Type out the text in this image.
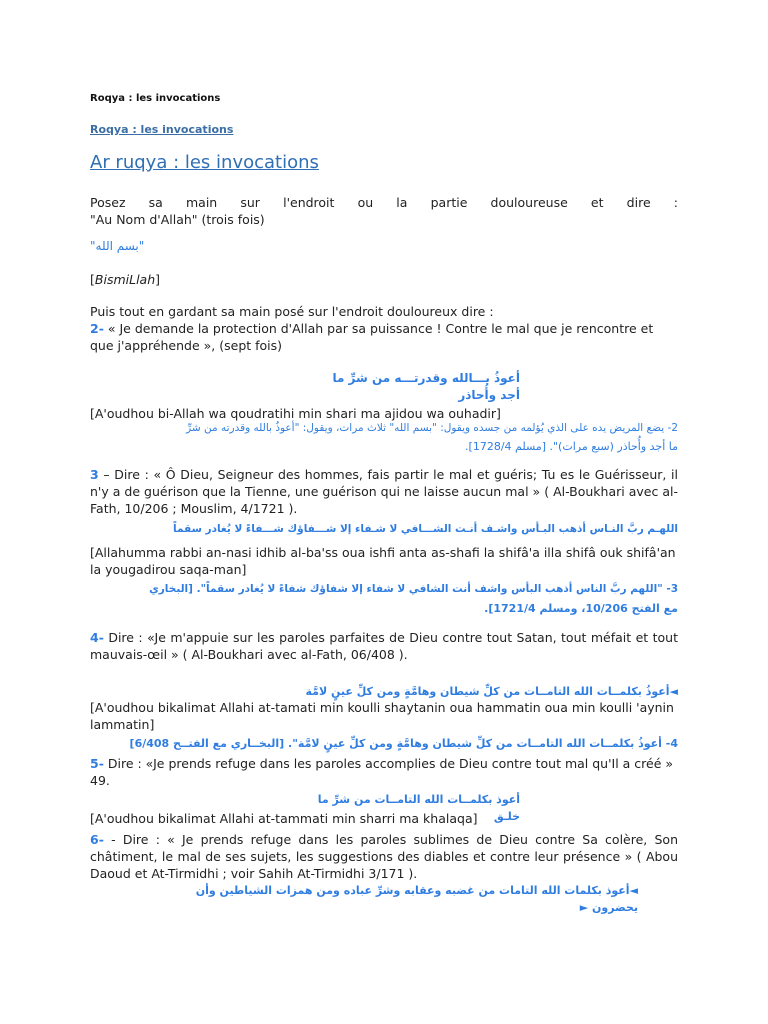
Roqya : les invocations
Roqya : les invocations
Ar ruqya : les invocations
Posez sa main sur l'endroit ou la partie douloureuse et dire :
"Au Nom d'Allah" (trois fois)
"بسم الله"
[BismiLlah]
Puis tout en gardant sa main posé sur l'endroit douloureux dire :
2- « Je demande la protection d'Allah par sa puissance ! Contre le mal que je rencontre et que j'appréhende », (sept fois)
أعوذُ بـــالله وقدرتـــه من شرِّ ما أجد وأُحاذر
[A'oudhou bi-Allah wa qoudratihi min shari ma ajidou wa ouhadir]
2- يضع المريض يده على الذي يُؤلمه من جسده ويقول: "بسم الله" ثلاث مرات، ويقول: "أعوذُ بالله وقدرته من شرِّ
ما أجد وأُحاذر (سبع مرات)". [مسلم 1728/4].
3 – Dire : « Ô Dieu, Seigneur des hommes, fais partir le mal et guéris; Tu es le Guérisseur, il n'y a de guérison que la Tienne, une guérison qui ne laisse aucun mal » ( Al-Boukhari avec al-Fath, 10/206 ; Mouslim, 4/1721 ).
اللهـم ربَّ النـاس أذهب البـأس واشـف أنـت الشـــافي لا شـفاء إلا شـــفاؤك شـــفاءً لا يُغادر سقماً
[Allahumma rabbi an-nasi idhib al-ba'ss oua ishfi anta as-shafi la shifâ'a illa shifâ ouk shifâ'an la yougadirou saqa-man]
3- "اللهم ربَّ الناس أذهب البأس واشف أنت الشافي لا شفاء إلا شفاؤك شفاءً لا يُغادر سقماً". [البخاري
مع الفتح 10/206، ومسلم 1721/4].
4- Dire : «Je m'appuie sur les paroles parfaites de Dieu contre tout Satan, tout méfait et tout mauvais-œil » ( Al-Boukhari avec al-Fath, 06/408 ).
◄أعوذُ بكلمــات الله التامــات من كلِّ شيطان وهامَّةٍ ومن كلِّ عينٍ لامَّة
[A'oudhou bikalimat Allahi at-tamati min koulli shaytanin oua hammatin oua min koulli 'aynin lammatin]
4- أعوذُ بكلمــات الله التامــات من كلِّ شيطان وهامَّةٍ ومن كلِّ عينٍ لامَّة". [البخــاري مع الفتــح 6/408]
5- Dire : «Je prends refuge dans les paroles accomplies de Dieu contre tout mal qu'Il a créé » 49.
أعوذ بكلمــات الله التامــات من شرِّ ما خلـق
[A'oudhou bikalimat Allahi at-tammati min sharri ma khalaqa]
6- - Dire : « Je prends refuge dans les paroles sublimes de Dieu contre Sa colère, Son châtiment, le mal de ses sujets, les suggestions des diables et contre leur présence » ( Abou Daoud et At-Tirmidhi ; voir Sahih At-Tirmidhi 3/171 ).
◄أعوذ بكلمات الله التامات من غضبه وعقابه وشرِّ عباده ومن همزات الشياطين وأن يحضرون ►
